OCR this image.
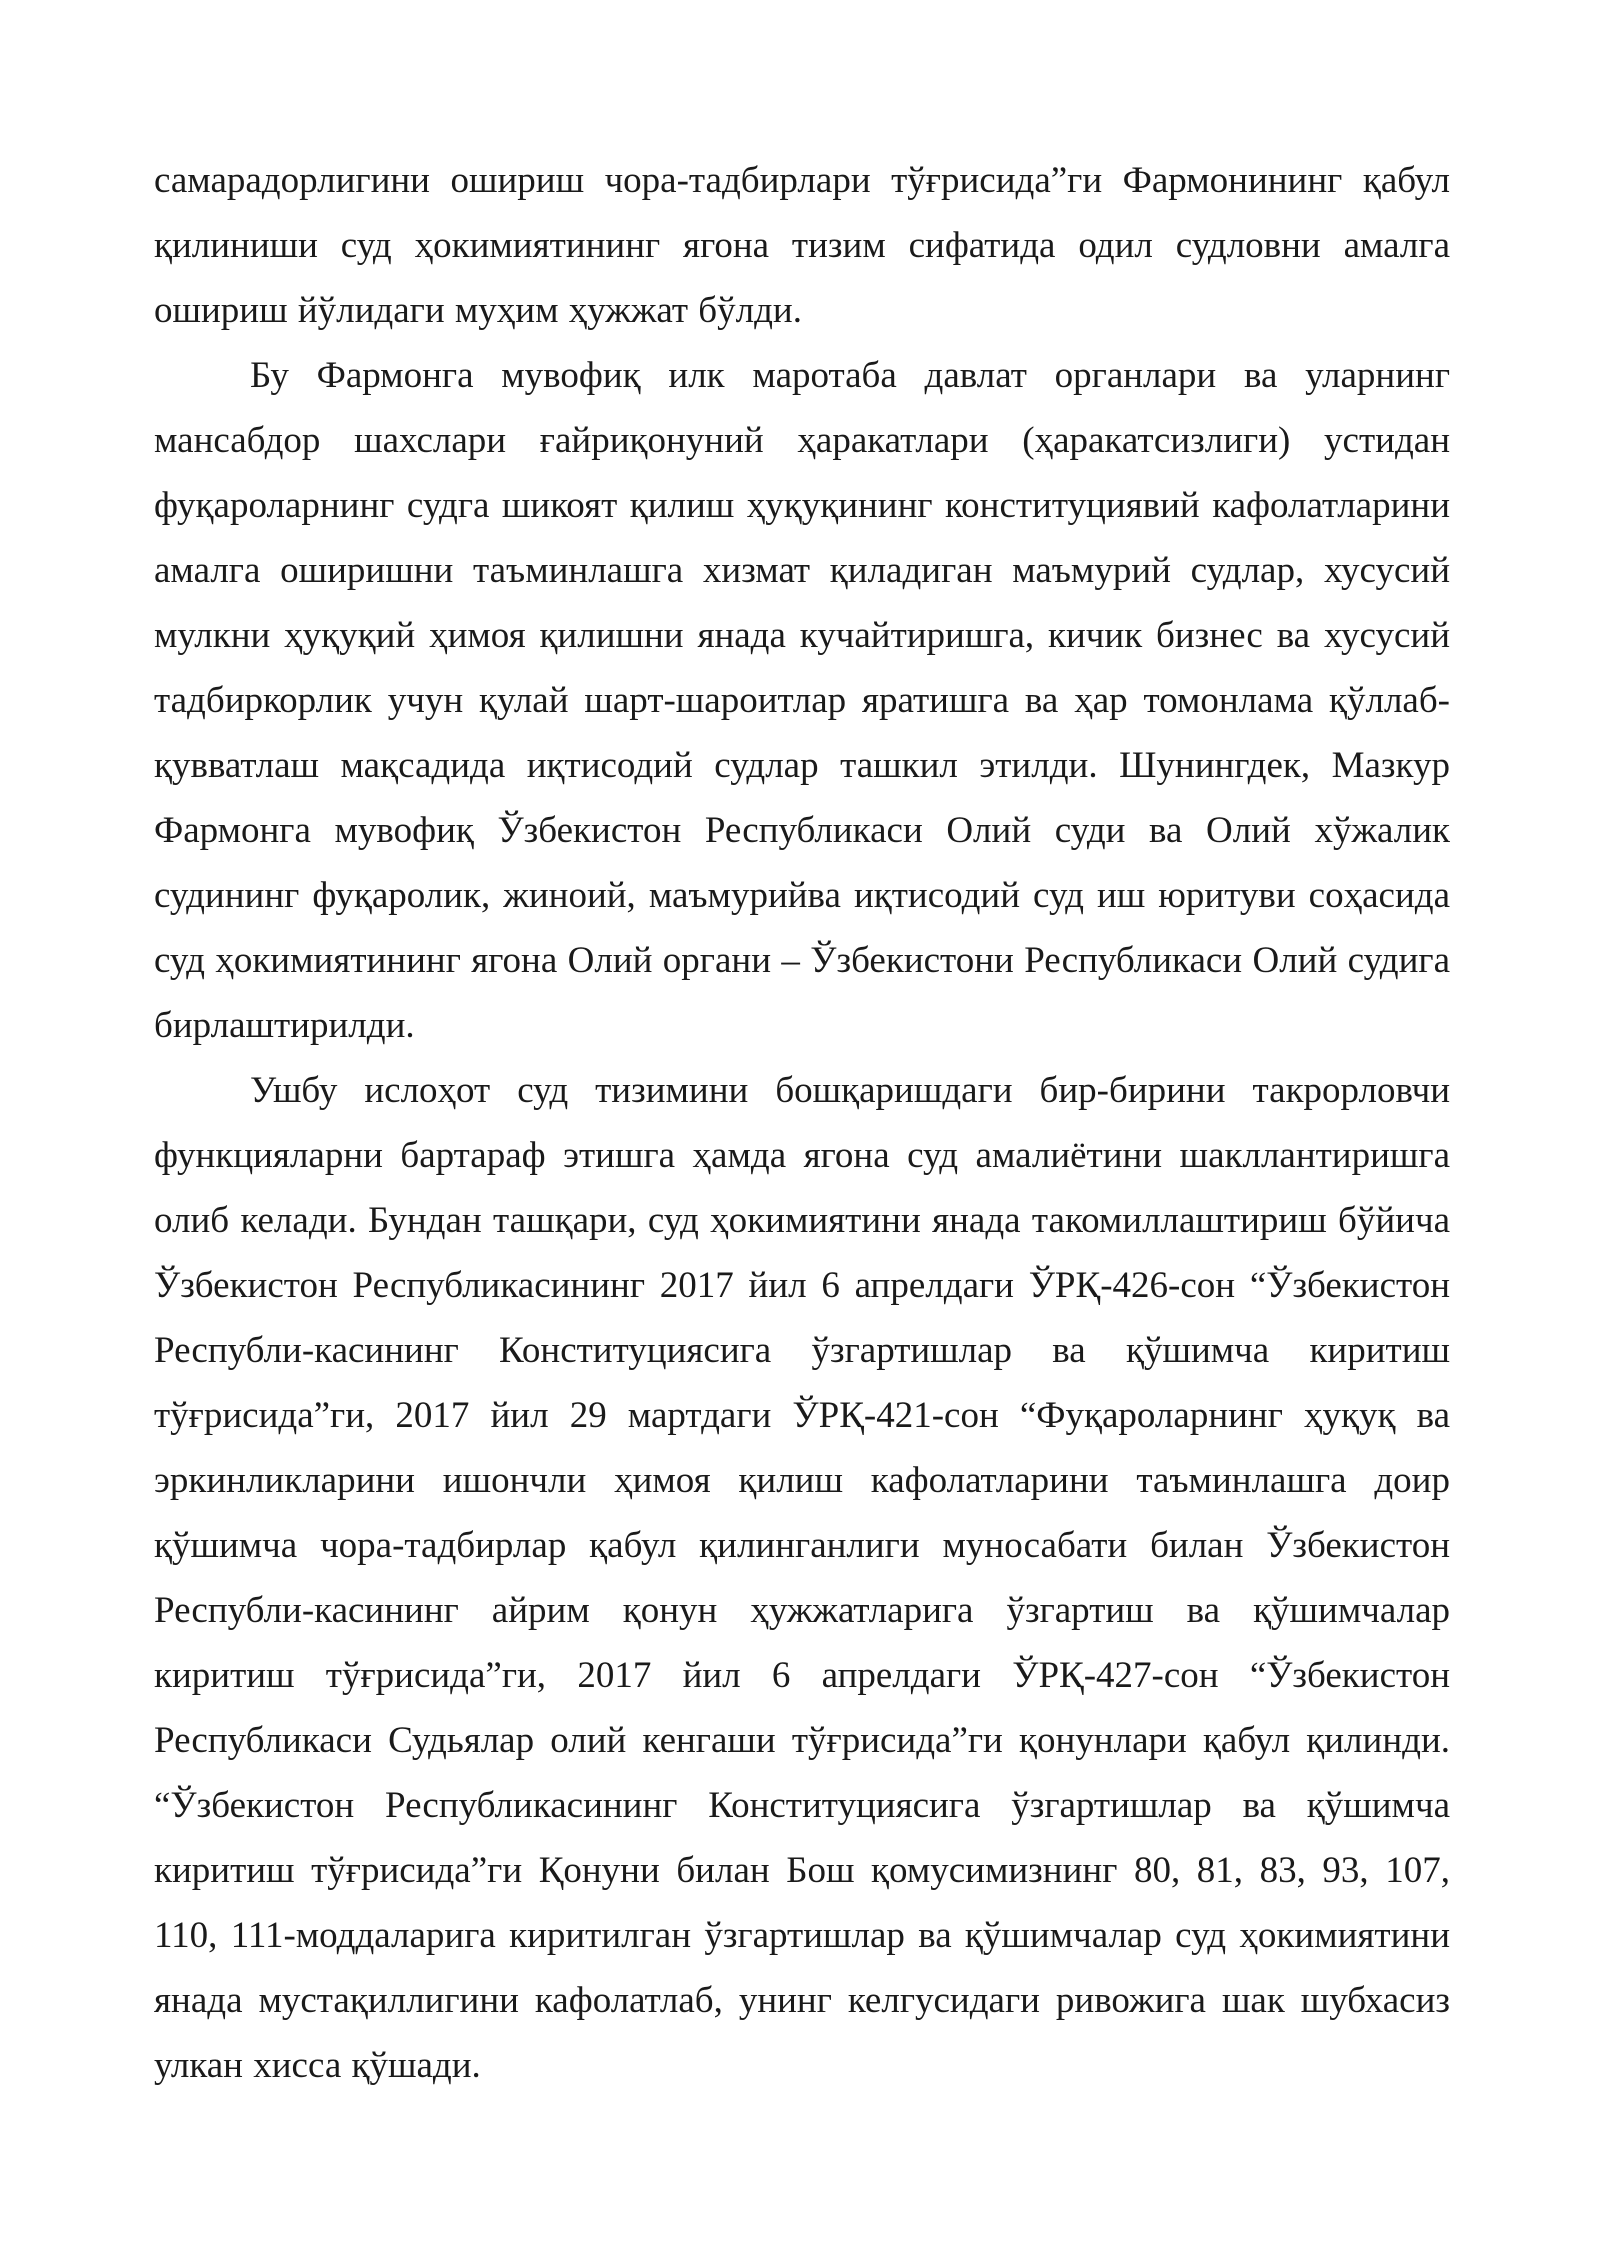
самарадорлигини ошириш чора-тадбирлари тўғрисида”ги Фармонининг қабул қилиниши суд ҳокимиятининг ягона тизим сифатида одил судловни амалга ошириш йўлидаги муҳим ҳужжат бўлди.

Бу Фармонга мувофиқ илк маротаба давлат органлари ва уларнинг мансабдор шахслари ғайриқонуний ҳаракатлари (ҳаракатсизлиги) устидан фуқароларнинг судга шикоят қилиш ҳуқуқининг конституциявий кафолатларини амалга оширишни таъминлашга хизмат қиладиган маъмурий судлар, хусусий мулкни ҳуқуқий ҳимоя қилишни янада кучайтиришга, кичик бизнес ва хусусий тадбиркорлик учун қулай шарт-шароитлар яратишга ва ҳар томонлама қўллаб-қувватлаш мақсадида иқтисодий судлар ташкил этилди. Шунингдек, Мазкур Фармонга мувофиқ Ўзбекистон Республикаси Олий суди ва Олий хўжалик судининг фуқаролик, жиноий, маъмурийва иқтисодий суд иш юритуви соҳасида суд ҳокимиятининг ягона Олий органи – Ўзбекистони Республикаси Олий судига бирлаштирилди.

Ушбу ислоҳот суд тизимини бошқаришдаги бир-бирини такрорловчи функцияларни бартараф этишга ҳамда ягона суд амалиётини шакллантиришга олиб келади. Бундан ташқари, суд ҳокимиятини янада такомиллаштириш бўйича Ўзбекистон Республикасининг 2017 йил 6 апрелдаги ЎРҚ-426-сон “Ўзбекистон Республи-касининг Конституциясига ўзгартишлар ва қўшимча киритиш тўғрисида”ги, 2017 йил 29 мартдаги ЎРҚ-421-сон “Фуқароларнинг ҳуқуқ ва эркинликларини ишончли ҳимоя қилиш кафолатларини таъминлашга доир қўшимча чора-тадбирлар қабул қилинганлиги муносабати билан Ўзбекистон Республи-касининг айрим қонун ҳужжатларига ўзгартиш ва қўшимчалар киритиш тўғрисида”ги, 2017 йил 6 апрелдаги ЎРҚ-427-сон “Ўзбекистон Республикаси Судьялар олий кенгаши тўғрисида”ги қонунлари қабул қилинди. “Ўзбекистон Республикасининг Конституциясига ўзгартишлар ва қўшимча киритиш тўғрисида”ги Қонуни билан Бош қомусимизнинг 80, 81, 83, 93, 107, 110, 111-моддаларига киритилган ўзгартишлар ва қўшимчалар суд ҳокимиятини янада мустақиллигини кафолатлаб, унинг келгусидаги ривожига шак шубхасиз улкан хисса қўшади.
